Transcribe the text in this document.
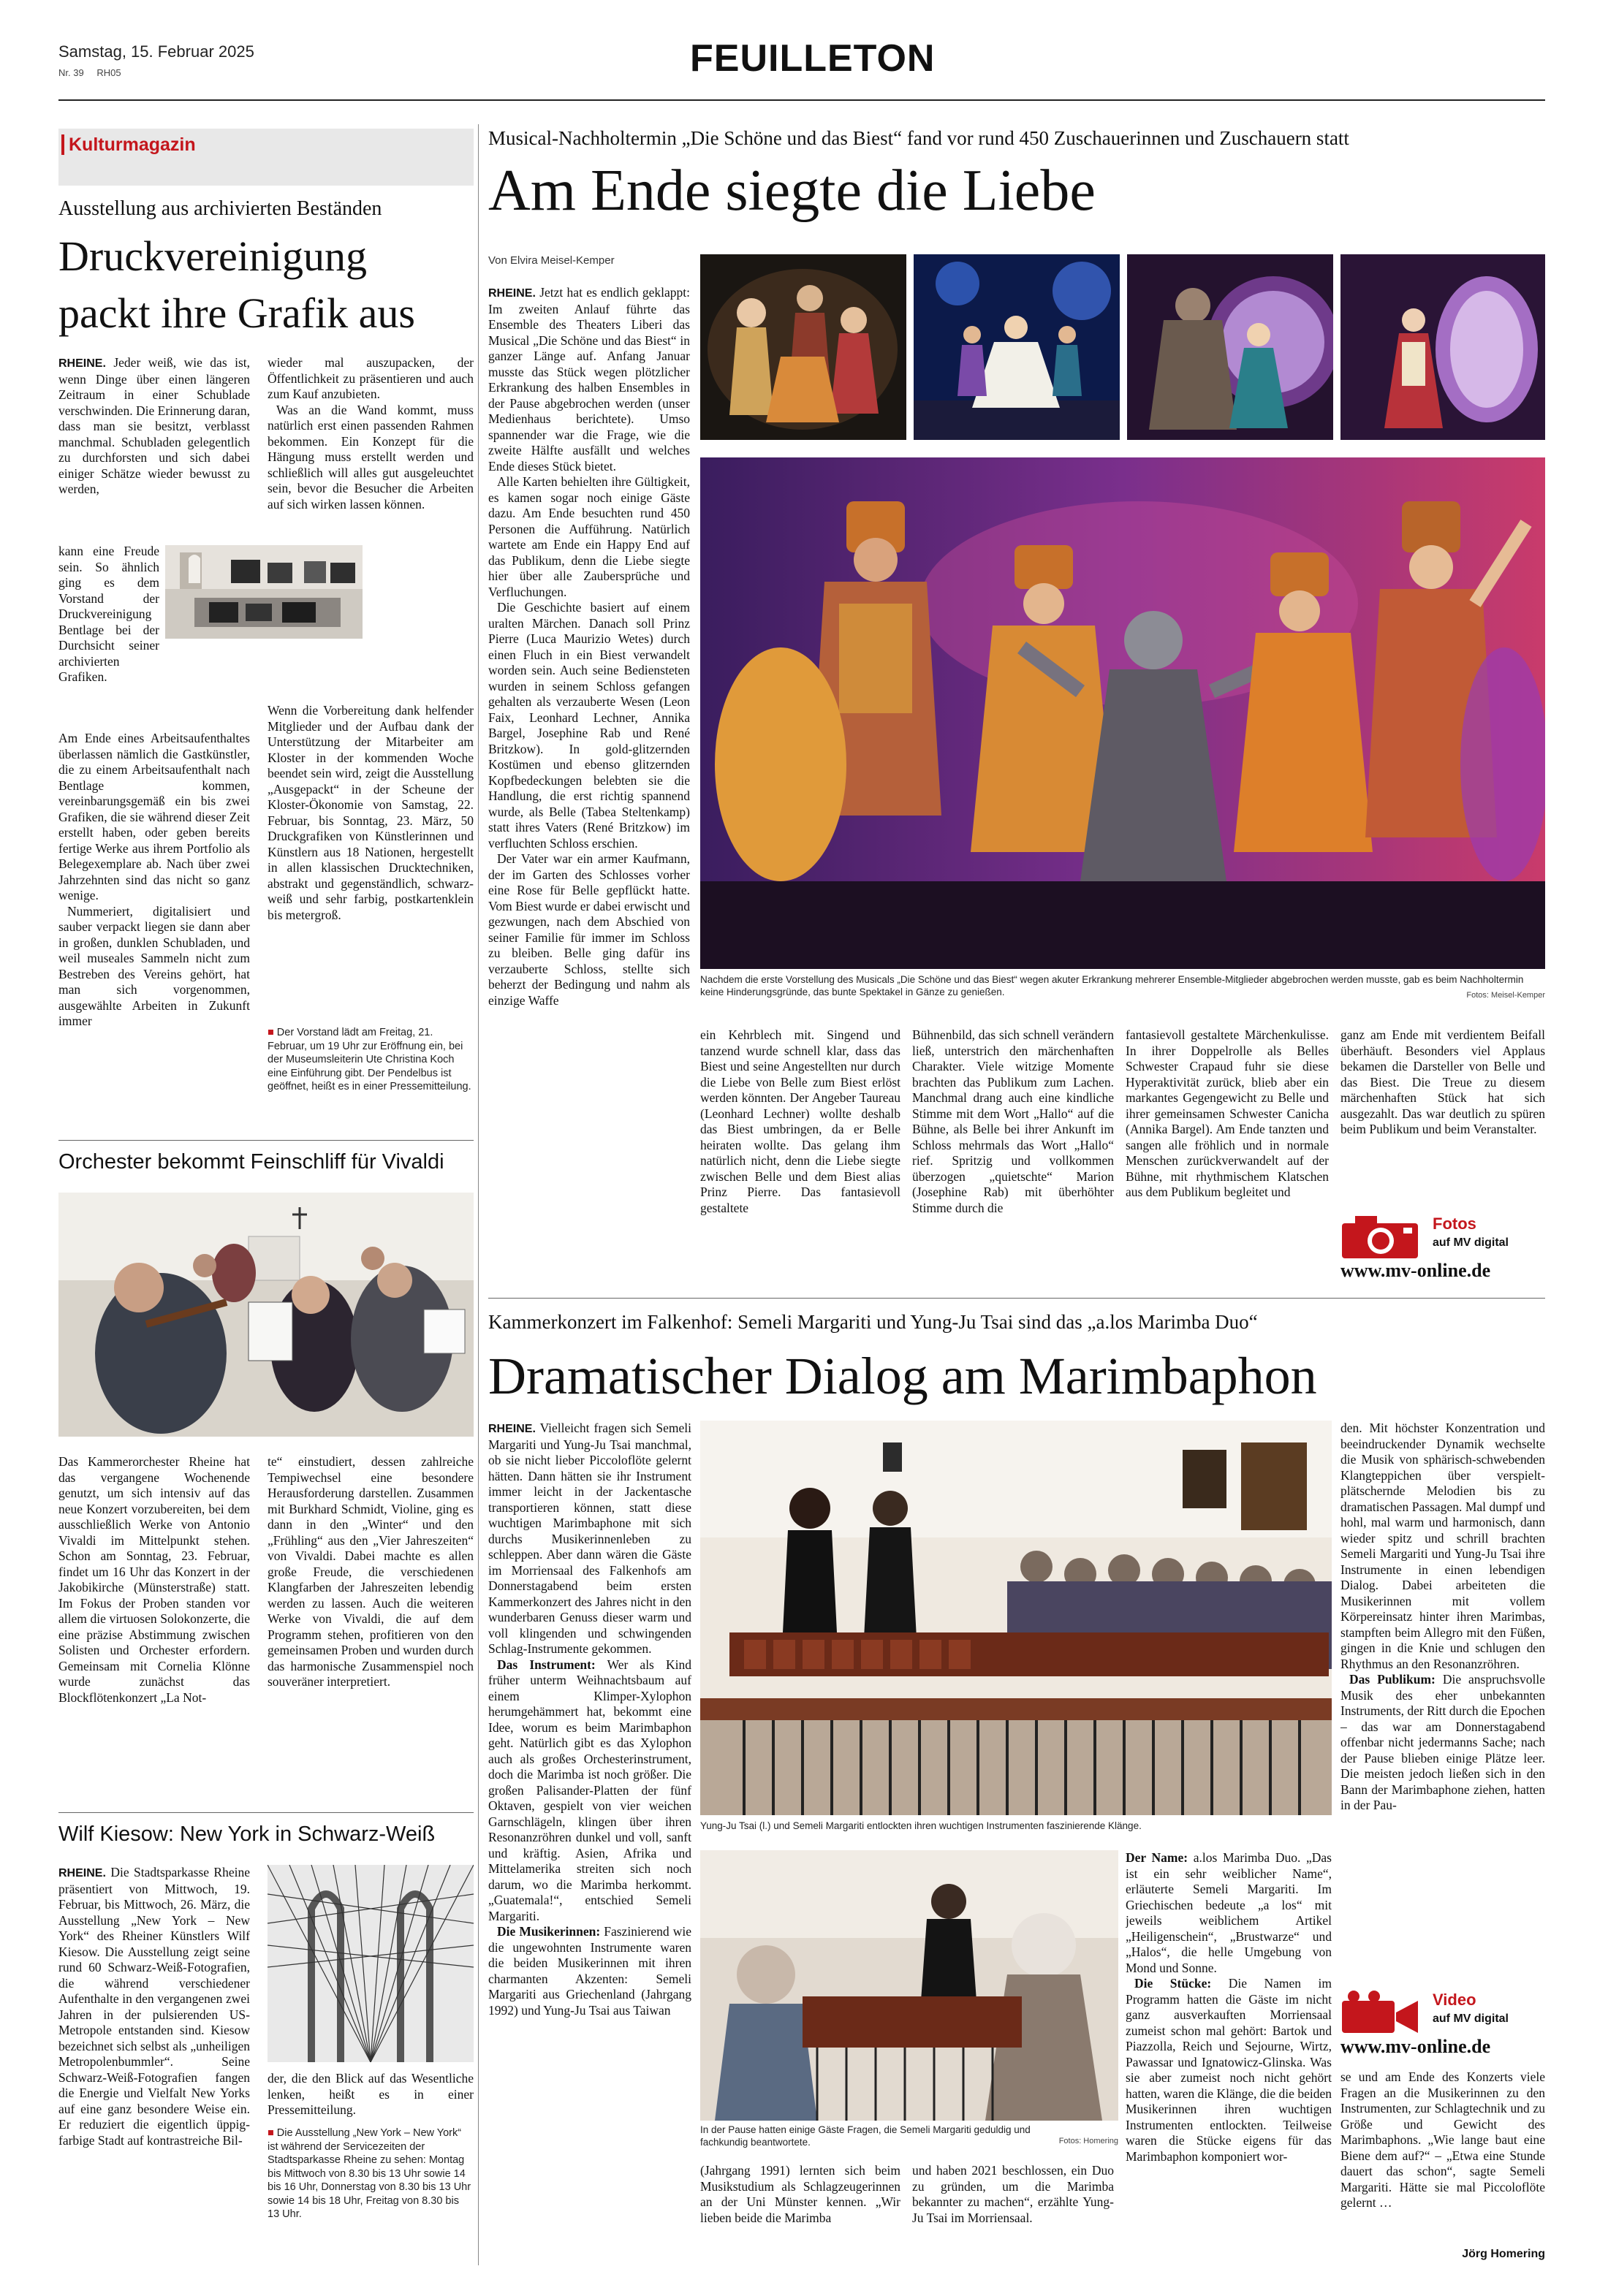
Samstag, 15. Februar 2025
Nr. 39 RH05	FEUILLETON
Kulturmagazin
Ausstellung aus archivierten Beständen
Druckvereinigung
packt ihre Grafik aus

RHEINE. Jeder weiß, wie das ist, wenn Dinge über einen längeren Zeitraum in einer Schublade verschwinden. Die Erinnerung daran, dass man sie besitzt, verblasst manchmal. Schubladen gelegentlich zu durchforsten und sich dabei einiger Schätze wieder bewusst zu werden,

kann eine Freude sein. So ähnlich ging es dem Vorstand der Druckvereinigung Bentlage bei der Durchsicht seiner archivierten Grafiken.

Am Ende eines Arbeitsaufenthaltes überlassen nämlich die Gastkünstler, die zu einem Arbeitsaufenthalt nach Bentlage kommen, vereinbarungsgemäß ein bis zwei Grafiken, die sie während dieser Zeit erstellt haben, oder geben bereits fertige Werke aus ihrem Portfolio als Belegexemplare ab. Nach über zwei Jahrzehnten sind das nicht so ganz wenige.

Nummeriert, digitalisiert und sauber verpackt liegen sie dann aber in großen, dunklen Schubladen, und weil museales Sammeln nicht zum Bestreben des Vereins gehört, hat man sich vorgenommen, ausgewählte Arbeiten in Zukunft immer

wieder mal auszupacken, der Öffentlichkeit zu präsentieren und auch zum Kauf anzubieten.

Was an die Wand kommt, muss natürlich erst einen passenden Rahmen bekommen. Ein Konzept für die Hängung muss erstellt werden und schließlich will alles gut ausgeleuchtet sein, bevor die Besucher die Arbeiten auf sich wirken lassen können.

Wenn die Vorbereitung dank helfender Mitglieder und der Aufbau dank der Unterstützung der Mitarbeiter am Kloster in der kommenden Woche beendet sein wird, zeigt die Ausstellung „Ausgepackt“ in der Scheune der Kloster-Ökonomie von Samstag, 22. Februar, bis Sonntag, 23. März, 50 Druckgrafiken von Künstlerinnen und Künstlern aus 18 Nationen, hergestellt in allen klassischen Drucktechniken, abstrakt und gegenständlich, schwarz-weiß und sehr farbig, postkartenklein bis metergroß.

■ Der Vorstand lädt am Freitag, 21. Februar, um 19 Uhr zur Eröffnung ein, bei der Museumsleiterin Ute Christina Koch eine Einführung gibt. Der Pendelbus ist geöffnet, heißt es in einer Pressemitteilung.
Orchester bekommt Feinschliff für Vivaldi

Das Kammerorchester Rheine hat das vergangene Wochenende genutzt, um sich intensiv auf das neue Konzert vorzubereiten, bei dem ausschließlich Werke von Antonio Vivaldi im Mittelpunkt stehen. Schon am Sonntag, 23. Februar, findet um 16 Uhr das Konzert in der Jakobikirche (Münsterstraße) statt. Im Fokus der Proben standen vor allem die virtuosen Solokonzerte, die eine präzise Abstimmung zwischen Solisten und Orchester erfordern. Gemeinsam mit Cornelia Klönne wurde zunächst das Blockflötenkonzert „La Not-

te“ einstudiert, dessen zahlreiche Tempiwechsel eine besondere Herausforderung darstellen. Zusammen mit Burkhard Schmidt, Violine, ging es dann in den „Winter“ und den „Frühling“ aus den „Vier Jahreszeiten“ von Vivaldi. Dabei machte es allen große Freude, die verschiedenen Klangfarben der Jahreszeiten lebendig werden zu lassen. Auch die weiteren Werke von Vivaldi, die auf dem Programm stehen, profitieren von den gemeinsamen Proben und wurden durch das harmonische Zusammenspiel noch souveräner interpretiert.

Wilf Kiesow: New York in Schwarz-Weiß

RHEINE. Die Stadtsparkasse Rheine präsentiert von Mittwoch, 19. Februar, bis Mittwoch, 26. März, die Ausstellung „New York – New York“ des Rheiner Künstlers Wilf Kiesow. Die Ausstellung zeigt seine rund 60 Schwarz-Weiß-Fotografien, die während verschiedener Aufenthalte in den vergangenen zwei Jahren in der pulsierenden US-Metropole entstanden sind. Kiesow bezeichnet sich selbst als „unheiligen Metropolenbummler“. Seine Schwarz-Weiß-Fotografien fangen die Energie und Vielfalt New Yorks auf eine ganz besondere Weise ein. Er reduziert die eigentlich üppig-farbige Stadt auf kontrastreiche Bil-

der, die den Blick auf das Wesentliche lenken, heißt es in einer Pressemitteilung.

■ Die Ausstellung „New York – New York“ ist während der Servicezeiten der Stadtsparkasse Rheine zu sehen: Montag bis Mittwoch von 8.30 bis 13 Uhr sowie 14 bis 16 Uhr, Donnerstag von 8.30 bis 13 Uhr sowie 14 bis 18 Uhr, Freitag von 8.30 bis 13 Uhr.
Musical-Nachholtermin „Die Schöne und das Biest“ fand vor rund 450 Zuschauerinnen und Zuschauern statt
Am Ende siegte die Liebe
Von Elvira Meisel-Kemper

RHEINE. Jetzt hat es endlich geklappt: Im zweiten Anlauf führte das Ensemble des Theaters Liberi das Musical „Die Schöne und das Biest“ in ganzer Länge auf. Anfang Januar musste das Stück wegen plötzlicher Erkrankung des halben Ensembles in der Pause abgebrochen werden (unser Medienhaus berichtete). Umso spannender war die Frage, wie die zweite Hälfte ausfällt und welches Ende dieses Stück bietet.

Alle Karten behielten ihre Gültigkeit, es kamen sogar noch einige Gäste dazu. Am Ende besuchten rund 450 Personen die Aufführung. Natürlich wartete am Ende ein Happy End auf das Publikum, denn die Liebe siegte hier über alle Zaubersprüche und Verfluchungen.

Die Geschichte basiert auf einem uralten Märchen. Danach soll Prinz Pierre (Luca Maurizio Wetes) durch einen Fluch in ein Biest verwandelt worden sein. Auch seine Bediensteten wurden in seinem Schloss gefangen gehalten als verzauberte Wesen (Leon Faix, Leonhard Lechner, Annika Bargel, Josephine Rab und René Britzkow). In gold-glitzernden Kostümen und ebenso glitzernden Kopfbedeckungen belebten sie die Handlung, die erst richtig spannend wurde, als Belle (Tabea Steltenkamp) statt ihres Vaters (René Britzkow) im verfluchten Schloss erschien.

Der Vater war ein armer Kaufmann, der im Garten des Schlosses vorher eine Rose für Belle gepflückt hatte. Vom Biest wurde er dabei erwischt und gezwungen, nach dem Abschied von seiner Familie für immer im Schloss zu bleiben. Belle ging dafür ins verzauberte Schloss, stellte sich beherzt der Bedingung und nahm als einzige Waffe

Nachdem die erste Vorstellung des Musicals „Die Schöne und das Biest“ wegen akuter Erkrankung mehrerer Ensemble-Mitglieder abgebrochen werden musste, gab es beim Nachholtermin keine Hinderungsgründe, das bunte Spektakel in Gänze zu genießen.	Fotos: Meisel-Kemper

ein Kehrblech mit. Singend und tanzend wurde schnell klar, dass das Biest und seine Angestellten nur durch die Liebe von Belle zum Biest erlöst werden könnten. Der Angeber Taureau (Leonhard Lechner) wollte deshalb das Biest umbringen, da er Belle heiraten wollte. Das gelang ihm natürlich nicht, denn die Liebe siegte zwischen Belle und dem Biest alias Prinz Pierre. Das fantasievoll gestaltete

Bühnenbild, das sich schnell verändern ließ, unterstrich den märchenhaften Charakter. Viele witzige Momente brachten das Publikum zum Lachen. Manchmal drang auch eine kindliche Stimme mit dem Wort „Hallo“ auf die Bühne, als Belle bei ihrer Ankunft im Schloss mehrmals das Wort „Hallo“ rief. Spritzig und vollkommen überzogen „quietschte“ Marion (Josephine Rab) mit überhöhter Stimme durch die

fantasievoll gestaltete Märchenkulisse. In ihrer Doppelrolle als Belles Schwester Crapaud fuhr sie diese Hyperaktivität zurück, blieb aber ein markantes Gegengewicht zu Belle und ihrer gemeinsamen Schwester Canicha (Annika Bargel). Am Ende tanzten und sangen alle fröhlich und in normale Menschen zurückverwandelt auf der Bühne, mit rhythmischem Klatschen aus dem Publikum begleitet und

ganz am Ende mit verdientem Beifall überhäuft. Besonders viel Applaus bekamen die Darsteller von Belle und das Biest. Die Treue zu diesem märchenhaften Stück hat sich ausgezahlt. Das war deutlich zu spüren beim Publikum und beim Veranstalter.

Fotos
auf MV digital
www.mv-online.de
Kammerkonzert im Falkenhof: Semeli Margariti und Yung-Ju Tsai sind das „a.los Marimba Duo“
Dramatischer Dialog am Marimbaphon

RHEINE. Vielleicht fragen sich Semeli Margariti und Yung-Ju Tsai manchmal, ob sie nicht lieber Piccoloflöte gelernt hätten. Dann hätten sie ihr Instrument immer leicht in der Jackentasche transportieren können, statt diese wuchtigen Marimbaphone mit sich durchs Musikerinnenleben zu schleppen. Aber dann wären die Gäste im Morriensaal des Falkenhofs am Donnerstagabend beim ersten Kammerkonzert des Jahres nicht in den wunderbaren Genuss dieser warm und voll klingenden und schwingenden Schlag-Instrumente gekommen.

Das Instrument: Wer als Kind früher unterm Weihnachtsbaum auf einem Klimper-Xylophon herumgehämmert hat, bekommt eine Idee, worum es beim Marimbaphon geht. Natürlich gibt es das Xylophon auch als großes Orchesterinstrument, doch die Marimba ist noch größer. Die großen Palisander-Platten der fünf Oktaven, gespielt von vier weichen Garnschlägeln, klingen über ihren Resonanzröhren dunkel und voll, sanft und kräftig. Asien, Afrika und Mittelamerika streiten sich noch darum, wo die Marimba herkommt. „Guatemala!“, entschied Semeli Margariti.

Die Musikerinnen: Faszinierend wie die ungewohnten Instrumente waren die beiden Musikerinnen mit ihren charmanten Akzenten: Semeli Margariti aus Griechenland (Jahrgang 1992) und Yung-Ju Tsai aus Taiwan

Yung-Ju Tsai (l.) und Semeli Margariti entlockten ihren wuchtigen Instrumenten faszinierende Klänge.
In der Pause hatten einige Gäste Fragen, die Semeli Margariti geduldig und fachkundig beantwortete.	Fotos: Homering

(Jahrgang 1991) lernten sich beim Musikstudium als Schlagzeugerinnen an der Uni Münster kennen. „Wir lieben beide die Marimba

und haben 2021 beschlossen, ein Duo zu gründen, um die Marimba bekannter zu machen“, erzählte Yung-Ju Tsai im Morriensaal.

Der Name: a.los Marimba Duo. „Das ist ein sehr weiblicher Name“, erläuterte Semeli Margariti. Im Griechischen bedeute „a los“ mit jeweils weiblichem Artikel „Heiligenschein“, „Brustwarze“ und „Halos“, die helle Umgebung von Mond und Sonne.

Die Stücke: Die Namen im Programm hatten die Gäste im nicht ganz ausverkauften Morriensaal zumeist schon mal gehört: Bartok und Piazzolla, Reich und Sejourne, Wirtz, Pawassar und Ignatowicz-Glinska. Was sie aber zumeist noch nicht gehört hatten, waren die Klänge, die die beiden Musikerinnen ihren wuchtigen Instrumenten entlockten. Teilweise waren die Stücke eigens für das Marimbaphon komponiert wor-

den. Mit höchster Konzentration und beeindruckender Dynamik wechselte die Musik von sphärisch-schwebenden Klangteppichen über verspielt-plätschernde Melodien bis zu dramatischen Passagen. Mal dumpf und hohl, mal warm und harmonisch, dann wieder spitz und schrill brachten Semeli Margariti und Yung-Ju Tsai ihre Instrumente in einen lebendigen Dialog. Dabei arbeiteten die Musikerinnen mit vollem Körpereinsatz hinter ihren Marimbas, stampften beim Allegro mit den Füßen, gingen in die Knie und schlugen den Rhythmus an den Resonanzröhren.

Das Publikum: Die anspruchsvolle Musik des eher unbekannten Instruments, der Ritt durch die Epochen – das war am Donnerstagabend offenbar nicht jedermanns Sache; nach der Pause blieben einige Plätze leer. Die meisten jedoch ließen sich in den Bann der Marimbaphone ziehen, hatten in der Pau-

Video
auf MV digital
www.mv-online.de

se und am Ende des Konzerts viele Fragen an die Musikerinnen zu den Instrumenten, zur Schlagtechnik und zu Größe und Gewicht des Marimbaphons. „Wie lange baut eine Biene dem auf?“ – „Etwa eine Stunde dauert das schon“, sagte Semeli Margariti. Hätte sie mal Piccoloflöte gelernt …

Jörg Homering
